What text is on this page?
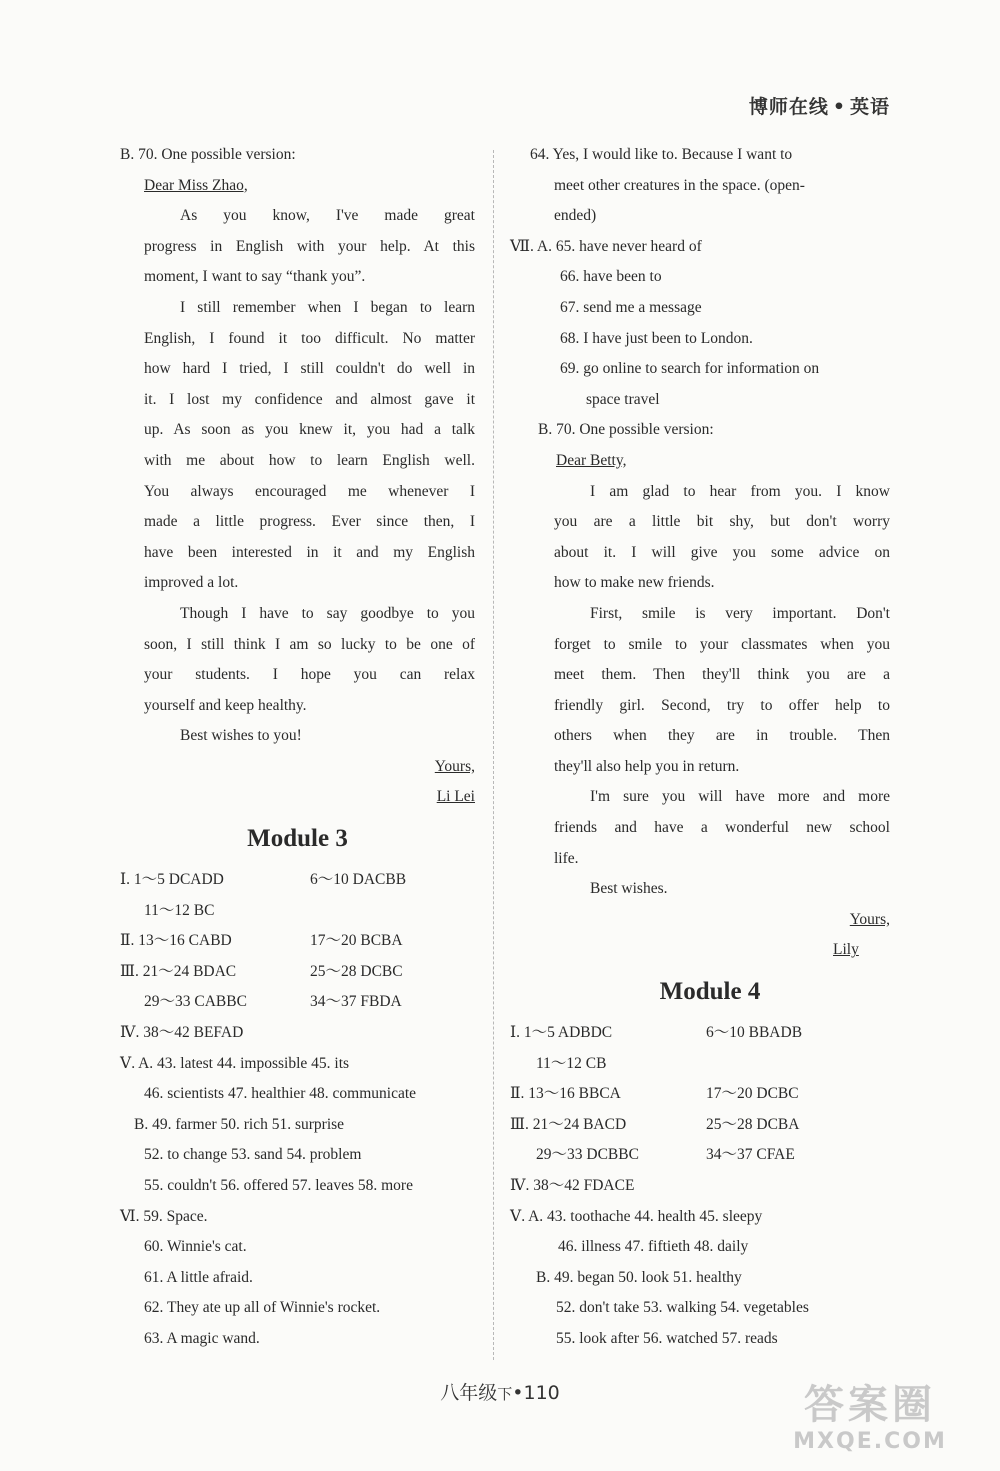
博师在线 • 英语
B. 70. One possible version:
Dear Miss Zhao,
As you know, I've made great
progress in English with your help. At this
moment, I want to say “thank you”.
I still remember when I began to learn
English, I found it too difficult. No matter
how hard I tried, I still couldn't do well in
it. I lost my confidence and almost gave it
up. As soon as you knew it, you had a talk
with me about how to learn English well.
You always encouraged me whenever I
made a little progress. Ever since then, I
have been interested in it and my English
improved a lot.
Though I have to say goodbye to you
soon, I still think I am so lucky to be one of
your students. I hope you can relax
yourself and keep healthy.
Best wishes to you!
Yours,
Li Lei
Module 3
Ⅰ. 1～5 DCADD	6～10 DACBB
11～12 BC
Ⅱ. 13～16 CABD	17～20 BCBA
Ⅲ. 21～24 BDAC	25～28 DCBC
29～33 CABBC	34～37 FBDA
Ⅳ. 38～42 BEFAD
Ⅴ. A. 43. latest 44. impossible 45. its
46. scientists 47. healthier 48. communicate
B. 49. farmer 50. rich 51. surprise
52. to change 53. sand 54. problem
55. couldn't 56. offered 57. leaves 58. more
Ⅵ. 59. Space.
60. Winnie's cat.
61. A little afraid.
62. They ate up all of Winnie's rocket.
63. A magic wand.
64. Yes, I would like to. Because I want to
meet other creatures in the space. (open-
ended)
Ⅶ. A. 65. have never heard of
66. have been to
67. send me a message
68. I have just been to London.
69. go online to search for information on
space travel
B. 70. One possible version:
Dear Betty,
I am glad to hear from you. I know
you are a little bit shy, but don't worry
about it. I will give you some advice on
how to make new friends.
First, smile is very important. Don't
forget to smile to your classmates when you
meet them. Then they'll think you are a
friendly girl. Second, try to offer help to
others when they are in trouble. Then
they'll also help you in return.
I'm sure you will have more and more
friends and have a wonderful new school
life.
Best wishes.
Yours,
Lily
Module 4
Ⅰ. 1～5 ADBDC	6～10 BBADB
11～12 CB
Ⅱ. 13～16 BBCA	17～20 DCBC
Ⅲ. 21～24 BACD	25～28 DCBA
29～33 DCBBC	34～37 CFAE
Ⅳ. 38～42 FDACE
Ⅴ. A. 43. toothache 44. health 45. sleepy
46. illness 47. fiftieth 48. daily
B. 49. began 50. look 51. healthy
52. don't take 53. walking 54. vegetables
55. look after 56. watched 57. reads
八年级下•110	答案圈
MXQE.COM
